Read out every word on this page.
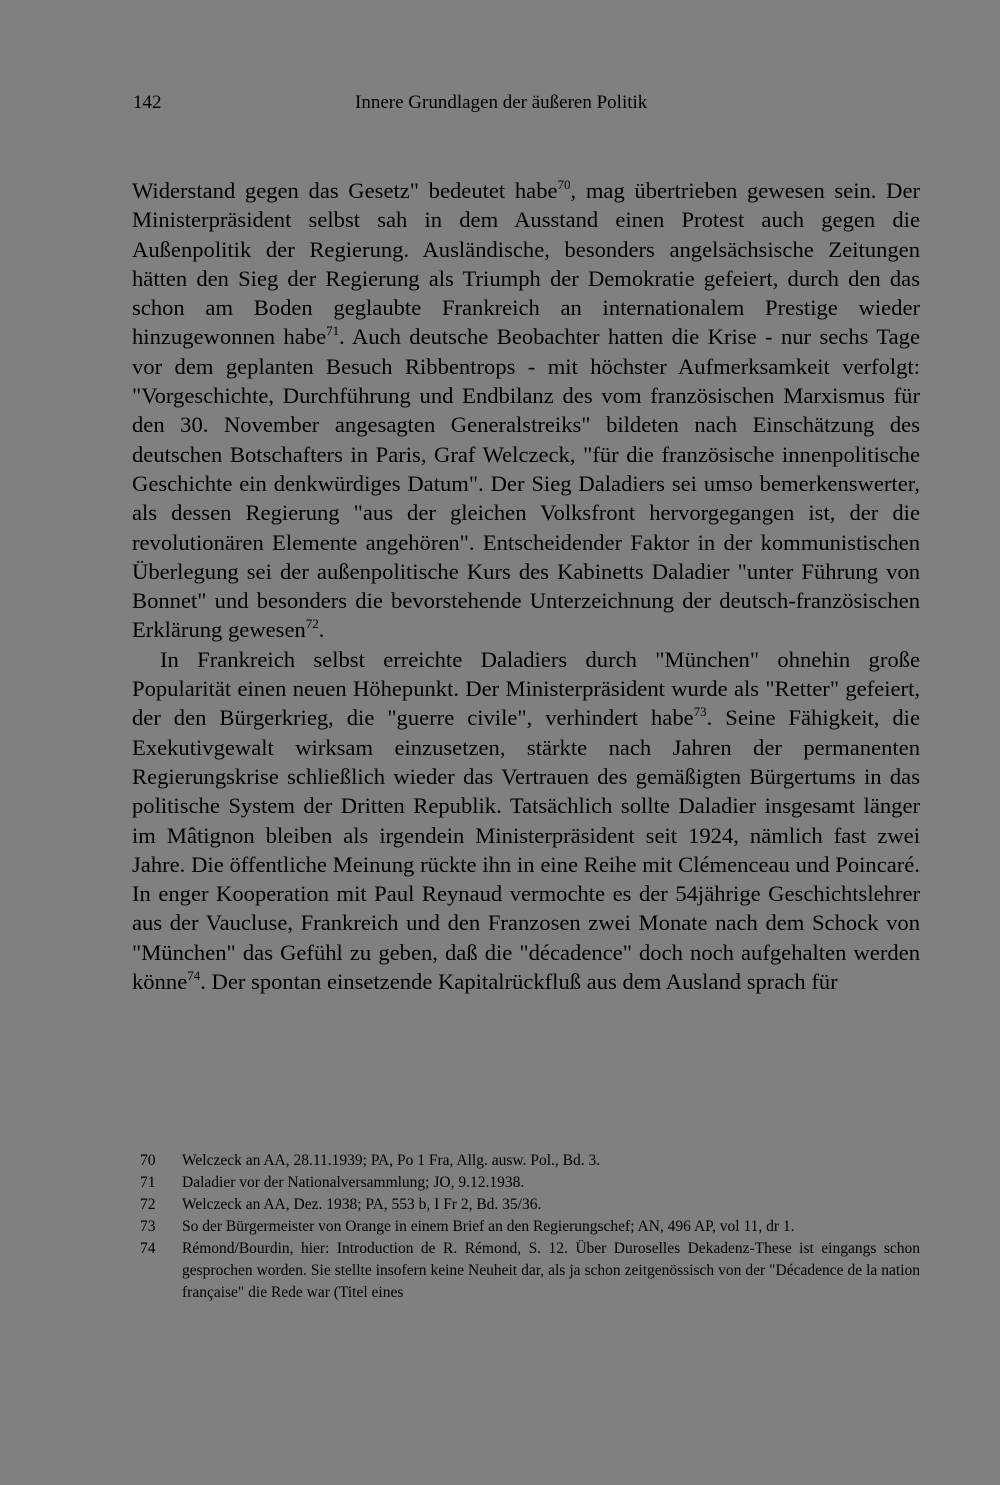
142	Innere Grundlagen der äußeren Politik

Widerstand gegen das Gesetz" bedeutet habe$^{70}$, mag übertrieben gewesen sein. Der Ministerpräsident selbst sah in dem Ausstand einen Protest auch gegen die Außenpolitik der Regierung. Ausländische, besonders angelsächsische Zeitungen hätten den Sieg der Regierung als Triumph der Demokratie gefeiert, durch den das schon am Boden geglaubte Frankreich an internationalem Prestige wieder hinzugewonnen habe$^{71}$. Auch deutsche Beobachter hatten die Krise - nur sechs Tage vor dem geplanten Besuch Ribbentrops - mit höchster Aufmerksamkeit verfolgt: "Vorgeschichte, Durchführung und Endbilanz des vom französischen Marxismus für den 30. November angesagten Generalstreiks" bildeten nach Einschätzung des deutschen Botschafters in Paris, Graf Welczeck, "für die französische innenpolitische Geschichte ein denkwürdiges Datum". Der Sieg Daladiers sei umso bemerkenswerter, als dessen Regierung "aus der gleichen Volksfront hervorgegangen ist, der die revolutionären Elemente angehören". Entscheidender Faktor in der kommunistischen Überlegung sei der außenpolitische Kurs des Kabinetts Daladier "unter Führung von Bonnet" und besonders die bevorstehende Unterzeichnung der deutsch-französischen Erklärung gewesen$^{72}$.

In Frankreich selbst erreichte Daladiers durch "München" ohnehin große Popularität einen neuen Höhepunkt. Der Ministerpräsident wurde als "Retter" gefeiert, der den Bürgerkrieg, die "guerre civile", verhindert habe$^{73}$. Seine Fähigkeit, die Exekutivgewalt wirksam einzusetzen, stärkte nach Jahren der permanenten Regierungskrise schließlich wieder das Vertrauen des gemäßigten Bürgertums in das politische System der Dritten Republik. Tatsächlich sollte Daladier insgesamt länger im Mâtignon bleiben als irgendein Ministerpräsident seit 1924, nämlich fast zwei Jahre. Die öffentliche Meinung rückte ihn in eine Reihe mit Clémenceau und Poincaré. In enger Kooperation mit Paul Reynaud vermochte es der 54jährige Geschichtslehrer aus der Vaucluse, Frankreich und den Franzosen zwei Monate nach dem Schock von "München" das Gefühl zu geben, daß die "décadence" doch noch aufgehalten werden könne$^{74}$. Der spontan einsetzende Kapitalrückfluß aus dem Ausland sprach für

70 Welczeck an AA, 28.11.1939; PA, Po 1 Fra, Allg. ausw. Pol., Bd. 3.
71 Daladier vor der Nationalversammlung; JO, 9.12.1938.
72 Welczeck an AA, Dez. 1938; PA, 553 b, I Fr 2, Bd. 35/36.
73 So der Bürgermeister von Orange in einem Brief an den Regierungschef; AN, 496 AP, vol 11, dr 1.
74 Rémond/Bourdin, hier: Introduction de R. Rémond, S. 12. Über Duroselles Dekadenz-These ist eingangs schon gesprochen worden. Sie stellte insofern keine Neuheit dar, als ja schon zeitgenössisch von der "Décadence de la nation française" die Rede war (Titel eines
